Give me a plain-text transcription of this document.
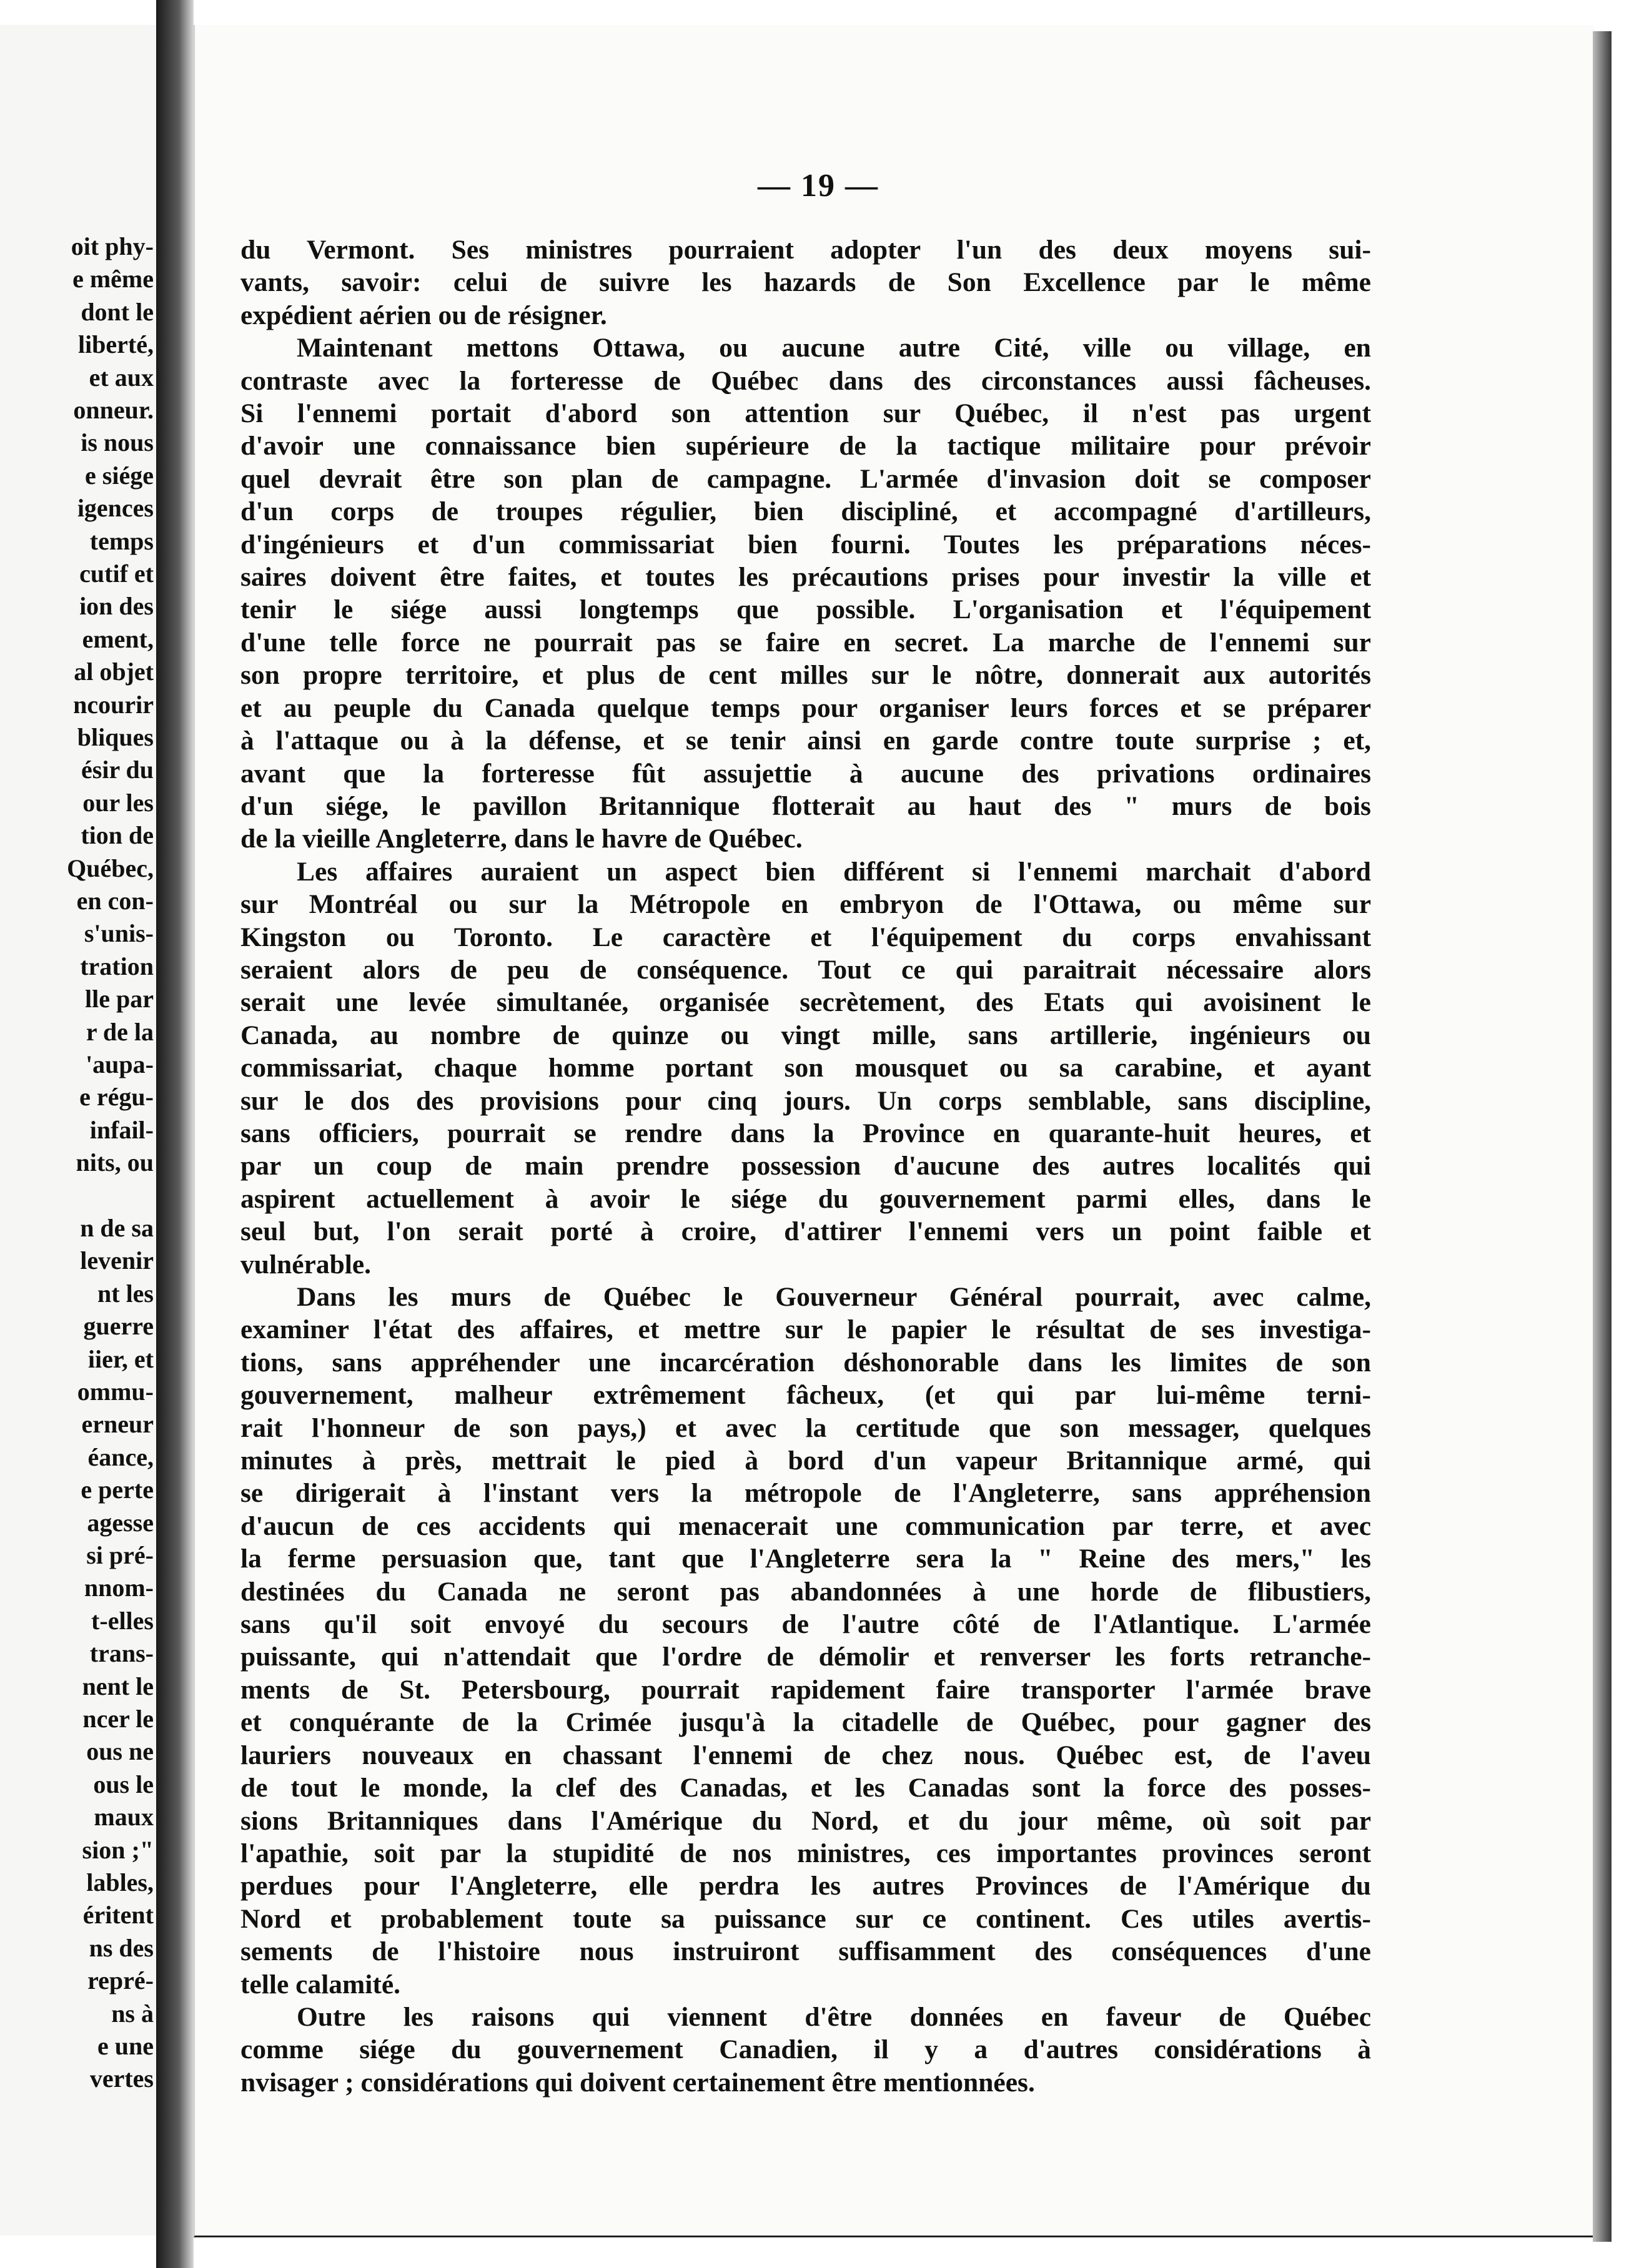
oit phy-
e même
dont le
liberté,
et aux
onneur.
is nous
e siége
igences
temps
cutif et
ion des
ement,
al objet
ncourir
bliques
ésir du
our les
tion de
Québec,
en con-
s'unis-
tration
lle par
r de la
'aupa-
e régu-
infail-
nits, ou
n de sa
levenir
nt les
guerre
iier, et
ommu-
erneur
éance,
e perte
agesse
si pré-
nnom-
t-elles
trans-
nent le
ncer le
ous ne
ous le
maux
sion ;"
lables,
éritent
ns des
repré-
ns à
e une
vertes
— 19 —
du Vermont. Ses ministres pourraient adopter l'un des deux moyens sui-
vants, savoir: celui de suivre les hazards de Son Excellence par le même
expédient aérien ou de résigner.
Maintenant mettons Ottawa, ou aucune autre Cité, ville ou village, en
contraste avec la forteresse de Québec dans des circonstances aussi fâcheuses.
Si l'ennemi portait d'abord son attention sur Québec, il n'est pas urgent
d'avoir une connaissance bien supérieure de la tactique militaire pour prévoir
quel devrait être son plan de campagne. L'armée d'invasion doit se composer
d'un corps de troupes régulier, bien discipliné, et accompagné d'artilleurs,
d'ingénieurs et d'un commissariat bien fourni. Toutes les préparations néces-
saires doivent être faites, et toutes les précautions prises pour investir la ville et
tenir le siége aussi longtemps que possible. L'organisation et l'équipement
d'une telle force ne pourrait pas se faire en secret. La marche de l'ennemi sur
son propre territoire, et plus de cent milles sur le nôtre, donnerait aux autorités
et au peuple du Canada quelque temps pour organiser leurs forces et se préparer
à l'attaque ou à la défense, et se tenir ainsi en garde contre toute surprise ; et,
avant que la forteresse fût assujettie à aucune des privations ordinaires
d'un siége, le pavillon Britannique flotterait au haut des " murs de bois
de la vieille Angleterre, dans le havre de Québec.
Les affaires auraient un aspect bien différent si l'ennemi marchait d'abord
sur Montréal ou sur la Métropole en embryon de l'Ottawa, ou même sur
Kingston ou Toronto. Le caractère et l'équipement du corps envahissant
seraient alors de peu de conséquence. Tout ce qui paraitrait nécessaire alors
serait une levée simultanée, organisée secrètement, des Etats qui avoisinent le
Canada, au nombre de quinze ou vingt mille, sans artillerie, ingénieurs ou
commissariat, chaque homme portant son mousquet ou sa carabine, et ayant
sur le dos des provisions pour cinq jours. Un corps semblable, sans discipline,
sans officiers, pourrait se rendre dans la Province en quarante-huit heures, et
par un coup de main prendre possession d'aucune des autres localités qui
aspirent actuellement à avoir le siége du gouvernement parmi elles, dans le
seul but, l'on serait porté à croire, d'attirer l'ennemi vers un point faible et
vulnérable.
Dans les murs de Québec le Gouverneur Général pourrait, avec calme,
examiner l'état des affaires, et mettre sur le papier le résultat de ses investiga-
tions, sans appréhender une incarcération déshonorable dans les limites de son
gouvernement, malheur extrêmement fâcheux, (et qui par lui-même terni-
rait l'honneur de son pays,) et avec la certitude que son messager, quelques
minutes à près, mettrait le pied à bord d'un vapeur Britannique armé, qui
se dirigerait à l'instant vers la métropole de l'Angleterre, sans appréhension
d'aucun de ces accidents qui menacerait une communication par terre, et avec
la ferme persuasion que, tant que l'Angleterre sera la " Reine des mers," les
destinées du Canada ne seront pas abandonnées à une horde de flibustiers,
sans qu'il soit envoyé du secours de l'autre côté de l'Atlantique. L'armée
puissante, qui n'attendait que l'ordre de démolir et renverser les forts retranche-
ments de St. Petersbourg, pourrait rapidement faire transporter l'armée brave
et conquérante de la Crimée jusqu'à la citadelle de Québec, pour gagner des
lauriers nouveaux en chassant l'ennemi de chez nous. Québec est, de l'aveu
de tout le monde, la clef des Canadas, et les Canadas sont la force des posses-
sions Britanniques dans l'Amérique du Nord, et du jour même, où soit par
l'apathie, soit par la stupidité de nos ministres, ces importantes provinces seront
perdues pour l'Angleterre, elle perdra les autres Provinces de l'Amérique du
Nord et probablement toute sa puissance sur ce continent. Ces utiles avertis-
sements de l'histoire nous instruiront suffisamment des conséquences d'une
telle calamité.
Outre les raisons qui viennent d'être données en faveur de Québec
comme siége du gouvernement Canadien, il y a d'autres considérations à
nvisager ; considérations qui doivent certainement être mentionnées.
